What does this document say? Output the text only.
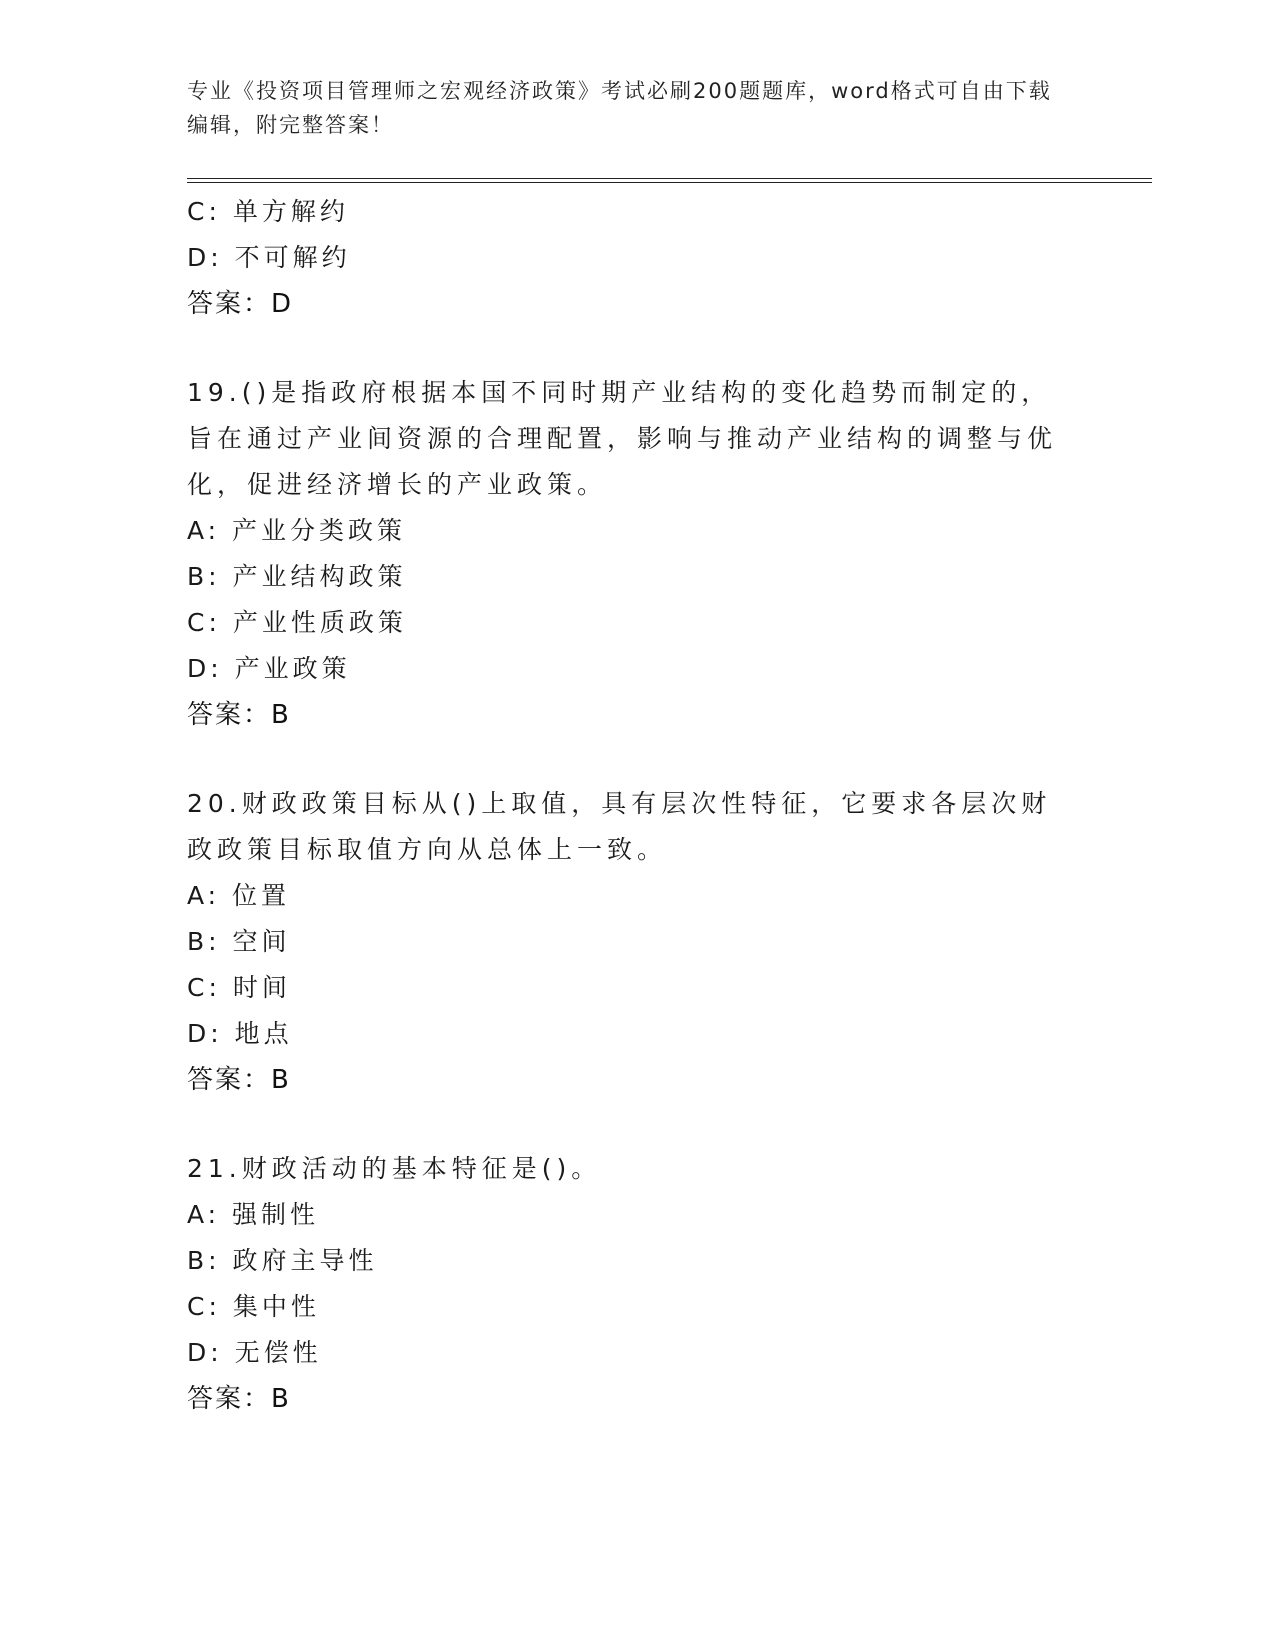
专业《投资项目管理师之宏观经济政策》考试必刷200题题库，word格式可自由下载编辑，附完整答案！
C: 单方解约
D: 不可解约
答案：D
19.()是指政府根据本国不同时期产业结构的变化趋势而制定的，旨在通过产业间资源的合理配置，影响与推动产业结构的调整与优化，促进经济增长的产业政策。
A: 产业分类政策
B: 产业结构政策
C: 产业性质政策
D: 产业政策
答案：B
20.财政政策目标从()上取值，具有层次性特征，它要求各层次财政政策目标取值方向从总体上一致。
A: 位置
B: 空间
C: 时间
D: 地点
答案：B
21.财政活动的基本特征是()。
A: 强制性
B: 政府主导性
C: 集中性
D: 无偿性
答案：B
